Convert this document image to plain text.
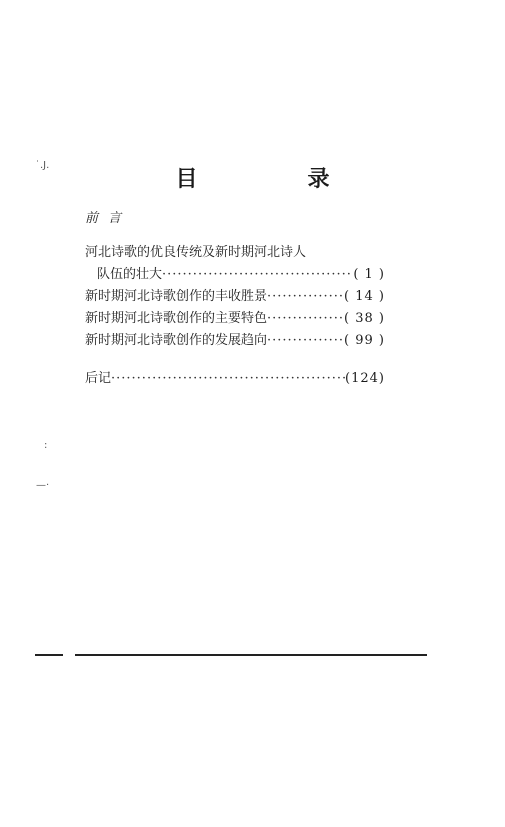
˙.J.
:
—·
目　录
前言
河北诗歌的优良传统及新时期河北诗人
队伍的壮大 ·····	( 1 )
新时期河北诗歌创作的丰收胜景 ·····	( 14 )
新时期河北诗歌创作的主要特色 ·····	( 38 )
新时期河北诗歌创作的发展趋向 ·····	( 99 )
后记 ·····	(124)
